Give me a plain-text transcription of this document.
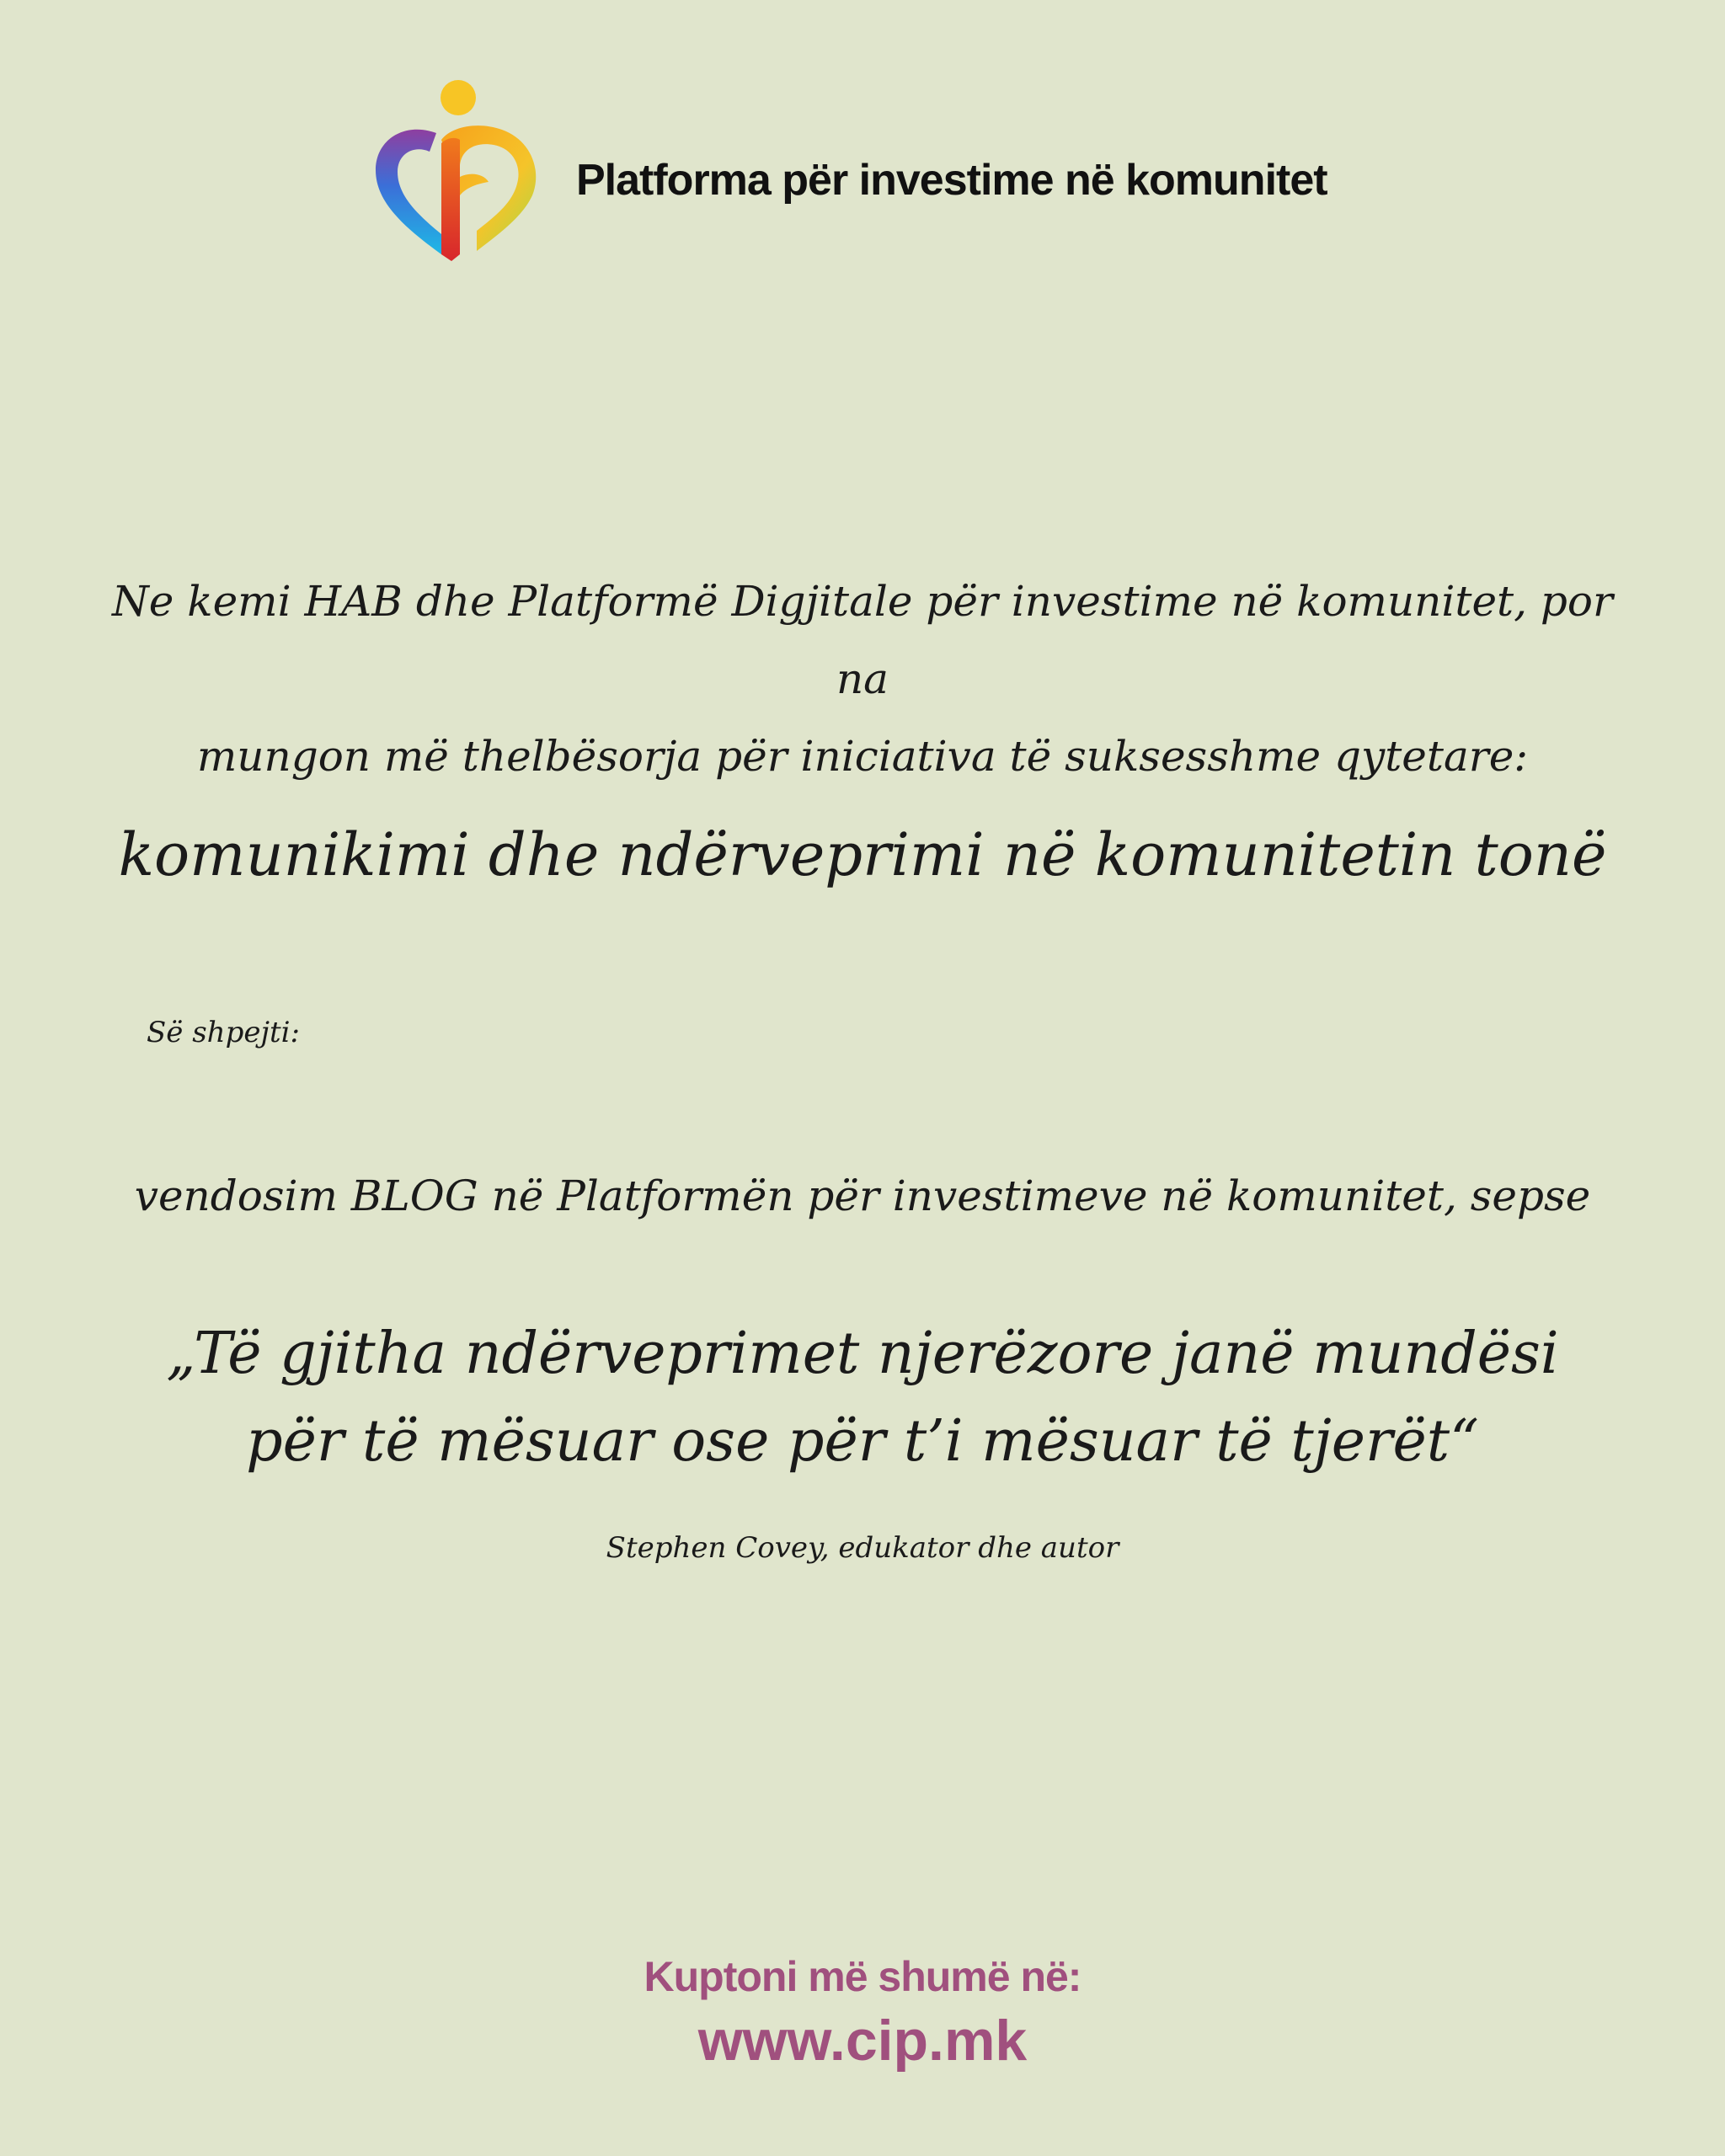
Platforma për investime në komunitet
Ne kemi HAB dhe Platformë Digjitale për investime në komunitet, por na
mungon më thelbësorja për iniciativa të suksesshme qytetare:
komunikimi dhe ndërveprimi në komunitetin tonë
Së shpejti:
vendosim BLOG në Platformën për investimeve në komunitet, sepse
„Të gjitha ndërveprimet njerëzore janë mundësi
për të mësuar ose për t’i mësuar të tjerët“
Stephen Covey, edukator dhe autor
Kuptoni më shumë në:
www.cip.mk
